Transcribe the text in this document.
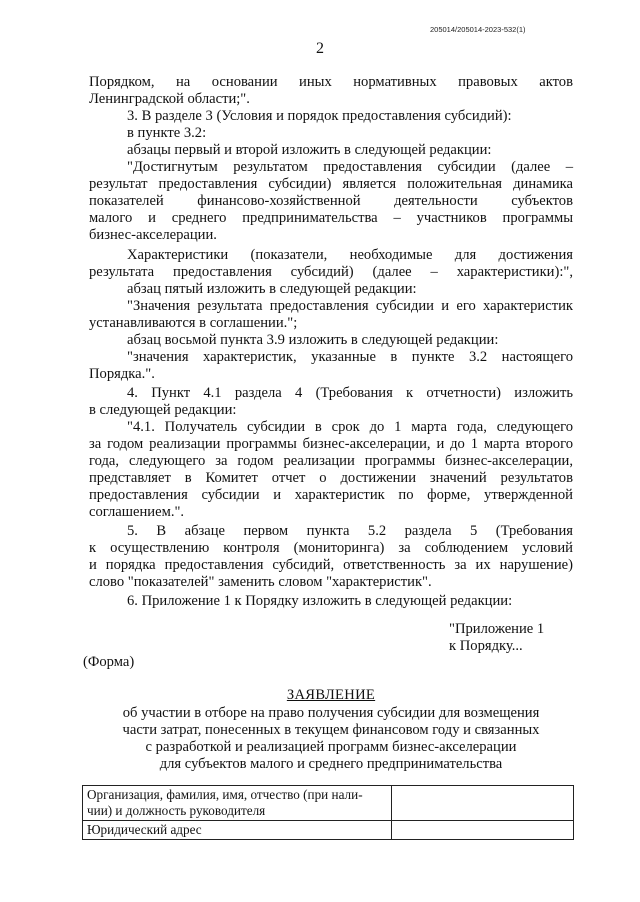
205014/205014-2023-532(1)
2
Порядком, на основании иных нормативных правовых актов
Ленинградской области;".
3. В разделе 3 (Условия и порядок предоставления субсидий):
в пункте 3.2:
абзацы первый и второй изложить в следующей редакции:
"Достигнутым результатом предоставления субсидии (далее –
результат предоставления субсидии) является положительная динамика
показателей финансово-хозяйственной деятельности субъектов
малого и среднего предпринимательства – участников программы
бизнес-акселерации.
Характеристики (показатели, необходимые для достижения
результата предоставления субсидий) (далее – характеристики):",
абзац пятый изложить в следующей редакции:
"Значения результата предоставления субсидии и его характеристик
устанавливаются в соглашении.";
абзац восьмой пункта 3.9 изложить в следующей редакции:
"значения характеристик, указанные в пункте 3.2 настоящего
Порядка.".
4. Пункт 4.1 раздела 4 (Требования к отчетности) изложить
в следующей редакции:
"4.1. Получатель субсидии в срок до 1 марта года, следующего
за годом реализации программы бизнес-акселерации, и до 1 марта второго
года, следующего за годом реализации программы бизнес-акселерации,
представляет в Комитет отчет о достижении значений результатов
предоставления субсидии и характеристик по форме, утвержденной
соглашением.".
5. В абзаце первом пункта 5.2 раздела 5 (Требования
к осуществлению контроля (мониторинга) за соблюдением условий
и порядка предоставления субсидий, ответственность за их нарушение)
слово "показателей" заменить словом "характеристик".
6. Приложение 1 к Порядку изложить в следующей редакции:
"Приложение 1
к Порядку...
(Форма)
ЗАЯВЛЕНИЕ
об участии в отборе на право получения субсидии для возмещения
части затрат, понесенных в текущем финансовом году и связанных
с разработкой и реализацией программ бизнес-акселерации
для субъектов малого и среднего предпринимательства
Организация, фамилия, имя, отчество (при нали-
чии) и должность руководителя	

Юридический адрес	
